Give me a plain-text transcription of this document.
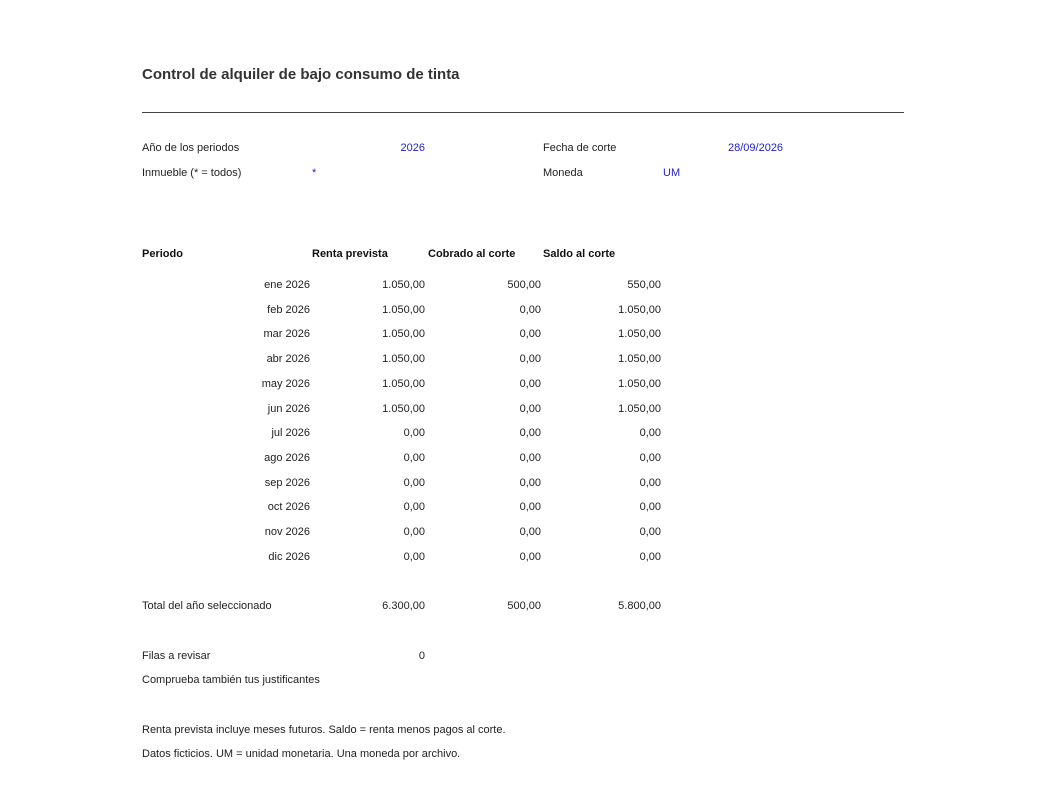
Control de alquiler de bajo consumo de tinta
Año de los periodos	2026	Fecha de corte	28/09/2026
Inmueble (* = todos)	*	Moneda	UM
Periodo	Renta prevista	Cobrado al corte	Saldo al corte
ene 2026	1.050,00	500,00	550,00
feb 2026	1.050,00	0,00	1.050,00
mar 2026	1.050,00	0,00	1.050,00
abr 2026	1.050,00	0,00	1.050,00
may 2026	1.050,00	0,00	1.050,00
jun 2026	1.050,00	0,00	1.050,00
jul 2026	0,00	0,00	0,00
ago 2026	0,00	0,00	0,00
sep 2026	0,00	0,00	0,00
oct 2026	0,00	0,00	0,00
nov 2026	0,00	0,00	0,00
dic 2026	0,00	0,00	0,00
Total del año seleccionado	6.300,00	500,00	5.800,00
Filas a revisar	0
Comprueba también tus justificantes
Renta prevista incluye meses futuros. Saldo = renta menos pagos al corte.
Datos ficticios. UM = unidad monetaria. Una moneda por archivo.
